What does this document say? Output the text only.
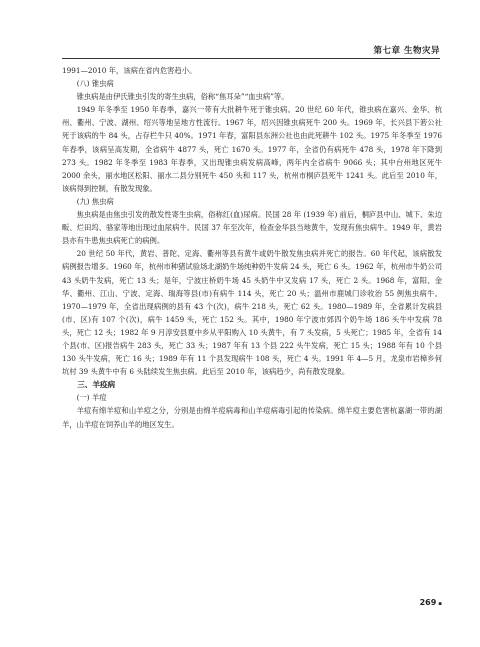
第七章 生物灾异

1991—2010 年，该病在省内危害趋小。

(八) 锥虫病

锥虫病是由伊氏锥虫引发的寄生虫病，俗称“焦耳朵”“血虫病”等。

1949 年冬季至 1950 年春季，嘉兴一带有大批耕牛死于锥虫病。20 世纪 60 年代，锥虫病在嘉兴、金华、杭州、衢州、宁波、湖州、绍兴等地呈地方性流行。1967 年，绍兴因锥虫病死牛 200 头。1969 年，长兴县下箬公社死于该病的牛 84 头，占存栏牛只 40%。1971 年春，富阳县东洲公社也由此死耕牛 102 头。1975 年冬季至 1976 年春季，该病呈高发期，全省病牛 4877 头，死亡 1670 头。1977 年，全省仍有病死牛 478 头，1978 年下降到 273 头。1982 年冬季至 1983 年春季，又出现锥虫病发病高峰，两年内全省病牛 9066 头；其中台州地区死牛 2000 余头，丽水地区松阳、丽水二县分别死牛 450 头和 117 头，杭州市桐庐县死牛 1241 头。此后至 2010 年，该病得到控制，有散发现象。

(九) 焦虫病

焦虫病是由焦虫引发的散发性寄生虫病，俗称红(血)尿病。民国 28 年 (1939 年) 前后，桐庐县中山、城下、朱边畈、烂田坞、骆家等地出现过血尿病牛。民国 37 年至次年，检查金华县当地黄牛，发现有焦虫病牛。1949 年，黄岩县亦有牛患焦虫病死亡的病例。

20 世纪 50 年代，黄岩、普陀、定海、衢州等县有黄牛或奶牛散发焦虫病并死亡的报告。60 年代起，该病散发病例报告增多。1960 年，杭州市种猪试验场北湖奶牛场纯种奶牛发病 24 头，死亡 6 头。1962 年，杭州市牛奶公司 43 头奶牛发病，死亡 13 头；是年，宁波庄桥奶牛场 45 头奶牛中又发病 17 头，死亡 2 头。1968 年，富阳、金华、衢州、江山、宁波、定海、瑞海等县(市)有病牛 114 头，死亡 20 头；温州市鹿城门诊收治 55 例焦虫病牛。1970—1979 年，全省出现病例的县有 43 个(次)，病牛 218 头，死亡 62 头。1980—1989 年，全省累计发病县(市、区)有 107 个(次)，病牛 1459 头，死亡 152 头。其中，1980 年宁波市郊四个奶牛场 186 头牛中发病 78 头，死亡 12 头；1982 年 9 月淳安县夏中乡从平阳购入 10 头黄牛，有 7 头发病，5 头死亡；1985 年，全省有 14 个县(市、区)报告病牛 283 头，死亡 33 头；1987 年有 13 个县 222 头牛发病，死亡 15 头；1988 年有 10 个县 130 头牛发病，死亡 16 头；1989 年有 11 个县发现病牛 108 头，死亡 4 头。1991 年 4—5 月，龙泉市岩樟乡何坑村 39 头黄牛中有 6 头陆续发生焦虫病。此后至 2010 年，该病趋少，尚有散发现象。

三、羊疫病

(一) 羊痘

羊痘有绵羊痘和山羊痘之分，分别是由绵羊痘病毒和山羊痘病毒引起的传染病。绵羊痘主要危害杭嘉湖一带的湖羊，山羊痘在饲养山羊的地区发生。

269 ▪
